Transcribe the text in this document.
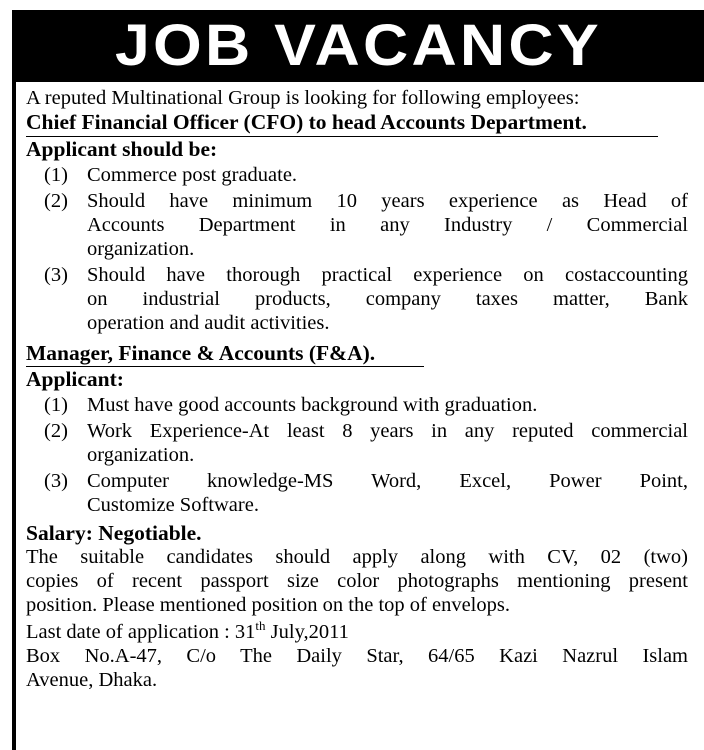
JOB VACANCY
A reputed Multinational Group is looking for following employees:
Chief Financial Officer (CFO) to head Accounts Department.
Applicant should be:
(1) Commerce post graduate.
(2) Should have minimum 10 years experience as Head of
Accounts Department in any Industry / Commercial
organization.
(3) Should have thorough practical experience on costaccounting
on industrial products, company taxes matter, Bank
operation and audit activities.
Manager, Finance & Accounts (F&A).
Applicant:
(1) Must have good accounts background with graduation.
(2) Work Experience-At least 8 years in any reputed commercial
organization.
(3) Computer knowledge-MS Word, Excel, Power Point,
Customize Software.
Salary: Negotiable.
The suitable candidates should apply along with CV, 02 (two)
copies of recent passport size color photographs mentioning present
position. Please mentioned position on the top of envelops.
Last date of application : 31th July,2011
Box No.A-47, C/o The Daily Star, 64/65 Kazi Nazrul Islam
Avenue, Dhaka.
